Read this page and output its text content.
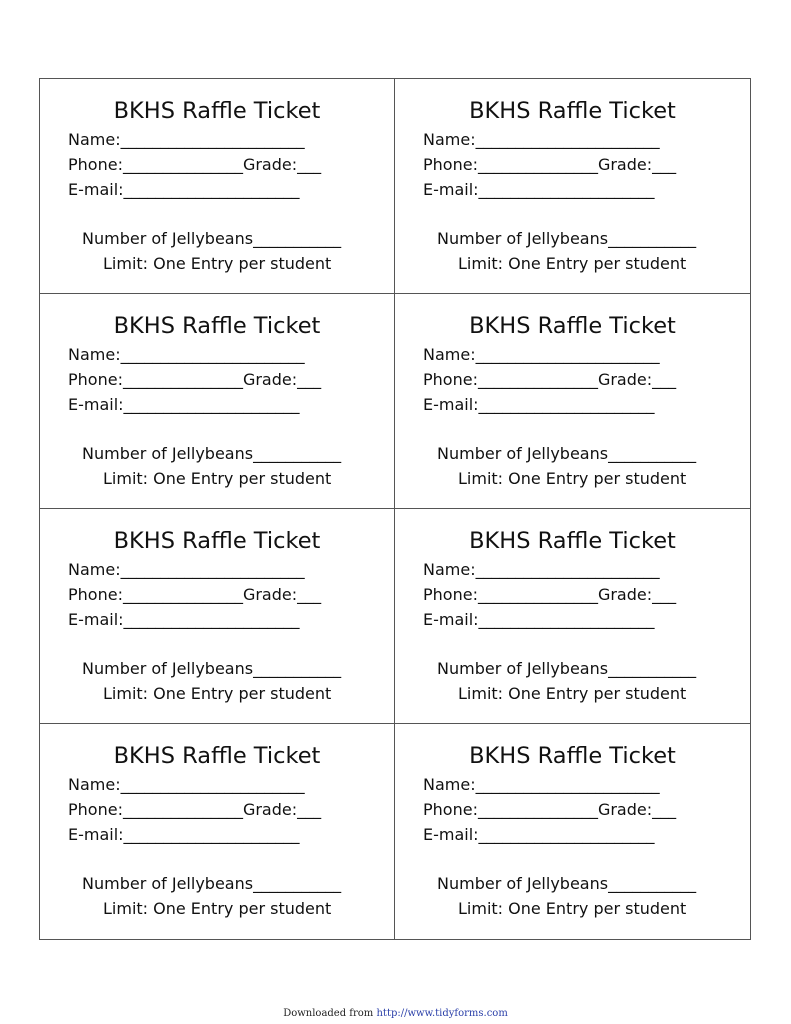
BKHS Raffle Ticket
Name:_______________________
Phone:_______________Grade:___
E-mail:______________________
Number of Jellybeans___________
Limit: One Entry per student
BKHS Raffle Ticket
Name:_______________________
Phone:_______________Grade:___
E-mail:______________________
Number of Jellybeans___________
Limit: One Entry per student
BKHS Raffle Ticket
Name:_______________________
Phone:_______________Grade:___
E-mail:______________________
Number of Jellybeans___________
Limit: One Entry per student
BKHS Raffle Ticket
Name:_______________________
Phone:_______________Grade:___
E-mail:______________________
Number of Jellybeans___________
Limit: One Entry per student
BKHS Raffle Ticket
Name:_______________________
Phone:_______________Grade:___
E-mail:______________________
Number of Jellybeans___________
Limit: One Entry per student
BKHS Raffle Ticket
Name:_______________________
Phone:_______________Grade:___
E-mail:______________________
Number of Jellybeans___________
Limit: One Entry per student
BKHS Raffle Ticket
Name:_______________________
Phone:_______________Grade:___
E-mail:______________________
Number of Jellybeans___________
Limit: One Entry per student
BKHS Raffle Ticket
Name:_______________________
Phone:_______________Grade:___
E-mail:______________________
Number of Jellybeans___________
Limit: One Entry per student
Downloaded from http://www.tidyforms.com
